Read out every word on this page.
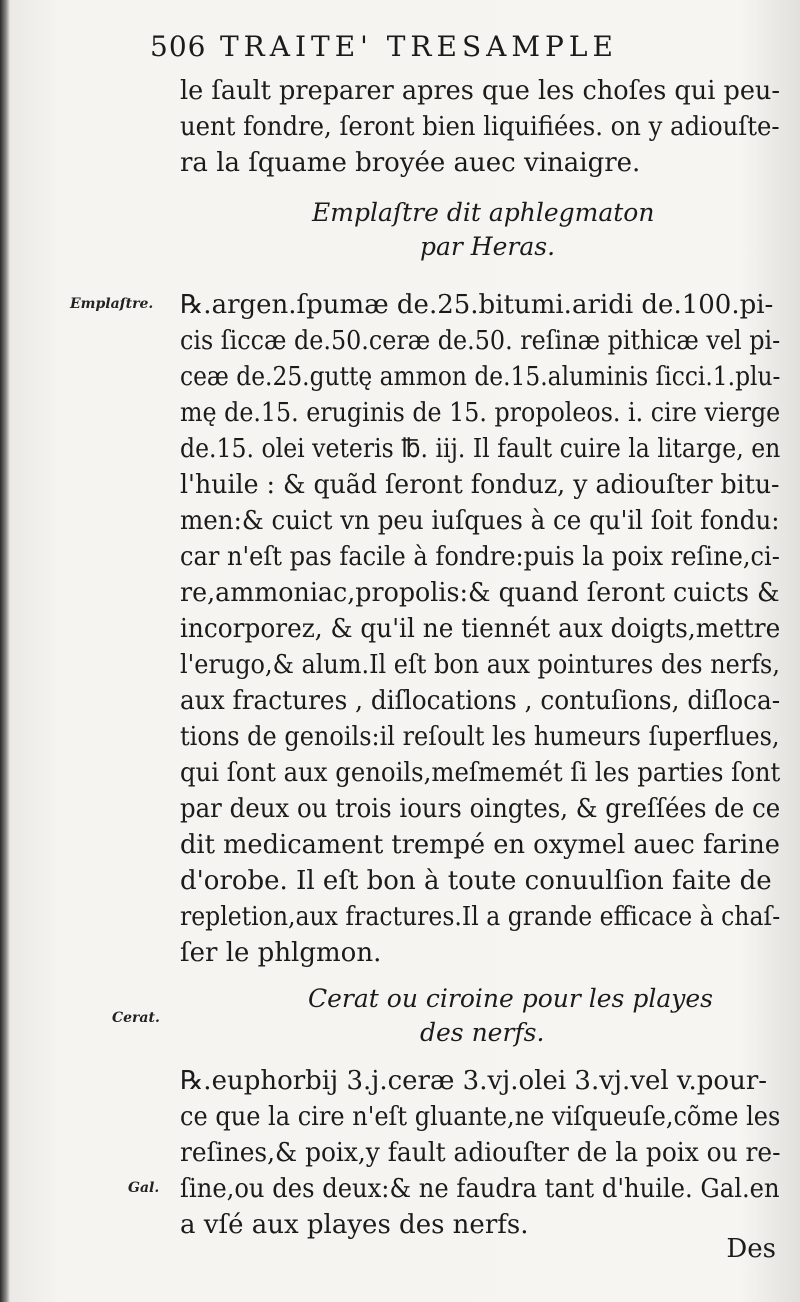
506 TRAITE' TRESAMPLE
Emplaſtre.
Cerat.
Gal.
le ſault preparer apres que les choſes qui peu-
uent fondre, ſeront bien liquifiées. on y adiouſte-
ra la ſquame broyée auec vinaigre.
Emplaſtre dit aphlegmaton
par Heras.
℞.argen.ſpumæ de.25.bitumi.aridi de.100.pi-
cis ſiccæ de.50.ceræ de.50. reſinæ pithicæ vel pi-
ceæ de.25.guttę ammon de.15.aluminis ſicci.1.plu-
mę de.15. eruginis de 15. propoleos. i. cire vierge
de.15. olei veteris ℔. iij. Il fault cuire la litarge, en
l'huile : & quãd ſeront fonduz, y adiouſter bitu-
men:& cuict vn peu iuſques à ce qu'il ſoit fondu:
car n'eſt pas facile à fondre:puis la poix reſine,ci-
re,ammoniac,propolis:& quand ſeront cuicts &
incorporez, & qu'il ne tiennét aux doigts,mettre
l'erugo,& alum.Il eſt bon aux pointures des nerfs,
aux fractures , diſlocations , contuſions, diſloca-
tions de genoils:il reſoult les humeurs ſuperflues,
qui ſont aux genoils,meſmemét ſi les parties ſont
par deux ou trois iours oingtes, & greſſées de ce
dit medicament trempé en oxymel auec farine
d'orobe. Il eſt bon à toute conuulſion faite de
repletion,aux fractures.Il a grande efficace à chaſ-
ſer le phlgmon.
Cerat ou ciroine pour les playes
des nerfs.
℞.euphorbij 3.j.ceræ 3.vj.olei 3.vj.vel v.pour-
ce que la cire n'eſt gluante,ne viſqueuſe,cõme les
reſines,& poix,y fault adiouſter de la poix ou re-
ſine,ou des deux:& ne faudra tant d'huile. Gal.en
a vſé aux playes des nerfs.
Des
